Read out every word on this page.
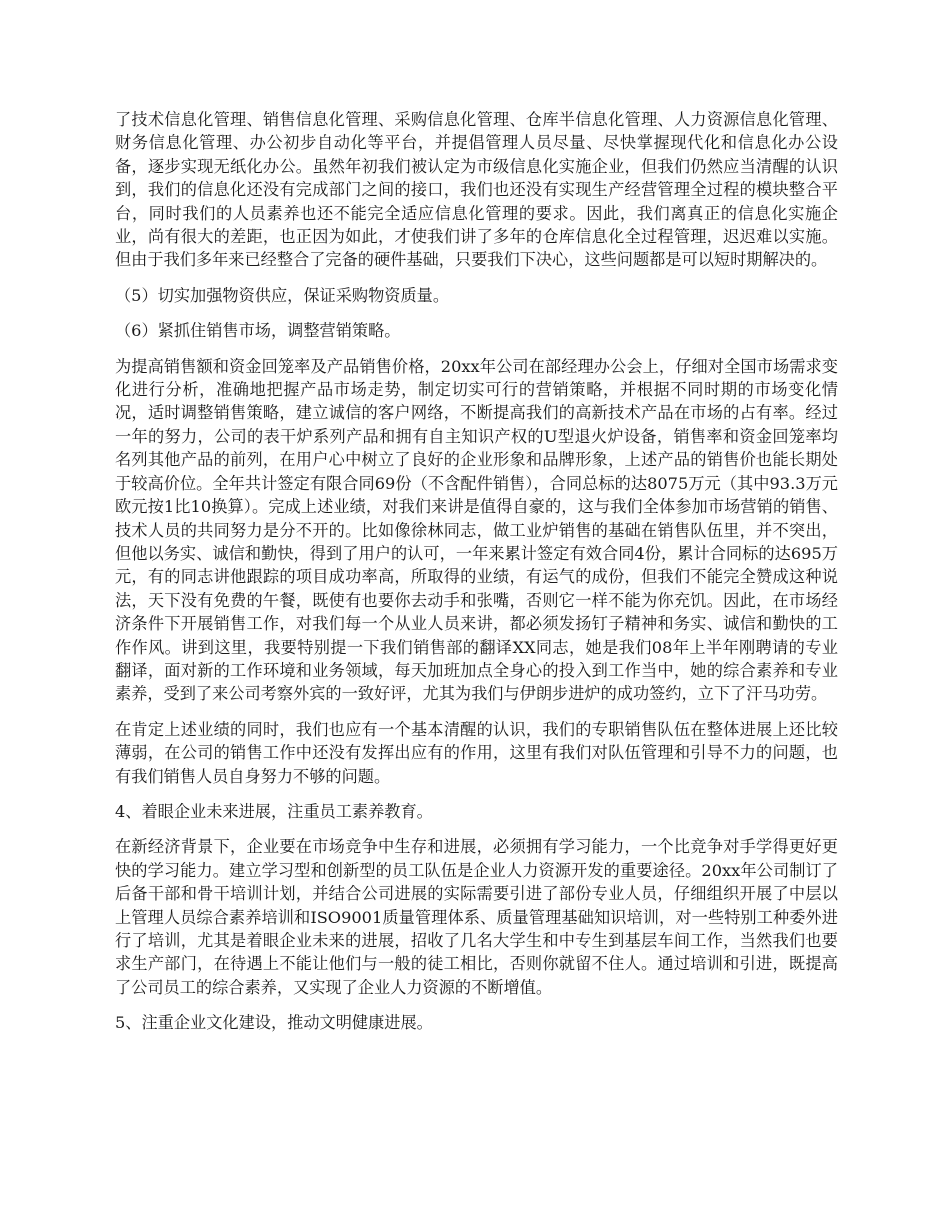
了技术信息化管理、销售信息化管理、采购信息化管理、仓库半信息化管理、人力资源信息化管理、财务信息化管理、办公初步自动化等平台，并提倡管理人员尽量、尽快掌握现代化和信息化办公设备，逐步实现无纸化办公。虽然年初我们被认定为市级信息化实施企业，但我们仍然应当清醒的认识到，我们的信息化还没有完成部门之间的接口，我们也还没有实现生产经营管理全过程的模块整合平台，同时我们的人员素养也还不能完全适应信息化管理的要求。因此，我们离真正的信息化实施企业，尚有很大的差距，也正因为如此，才使我们讲了多年的仓库信息化全过程管理，迟迟难以实施。但由于我们多年来已经整合了完备的硬件基础，只要我们下决心，这些问题都是可以短时期解决的。

（5）切实加强物资供应，保证采购物资质量。

（6）紧抓住销售市场，调整营销策略。

为提高销售额和资金回笼率及产品销售价格，20xx年公司在部经理办公会上，仔细对全国市场需求变化进行分析，准确地把握产品市场走势，制定切实可行的营销策略，并根据不同时期的市场变化情况，适时调整销售策略，建立诚信的客户网络，不断提高我们的高新技术产品在市场的占有率。经过一年的努力，公司的表干炉系列产品和拥有自主知识产权的U型退火炉设备，销售率和资金回笼率均名列其他产品的前列，在用户心中树立了良好的企业形象和品牌形象，上述产品的销售价也能长期处于较高价位。全年共计签定有限合同69份（不含配件销售），合同总标的达8075万元（其中93.3万元欧元按1比10换算）。完成上述业绩，对我们来讲是值得自豪的，这与我们全体参加市场营销的销售、技术人员的共同努力是分不开的。比如像徐林同志，做工业炉销售的基础在销售队伍里，并不突出，但他以务实、诚信和勤快，得到了用户的认可，一年来累计签定有效合同4份，累计合同标的达695万元，有的同志讲他跟踪的项目成功率高，所取得的业绩，有运气的成份，但我们不能完全赞成这种说法，天下没有免费的午餐，既使有也要你去动手和张嘴，否则它一样不能为你充饥。因此，在市场经济条件下开展销售工作，对我们每一个从业人员来讲，都必须发扬钉子精神和务实、诚信和勤快的工作作风。讲到这里，我要特别提一下我们销售部的翻译XX同志，她是我们08年上半年刚聘请的专业翻译，面对新的工作环境和业务领域，每天加班加点全身心的投入到工作当中，她的综合素养和专业素养，受到了来公司考察外宾的一致好评，尤其为我们与伊朗步进炉的成功签约，立下了汗马功劳。

在肯定上述业绩的同时，我们也应有一个基本清醒的认识，我们的专职销售队伍在整体进展上还比较薄弱，在公司的销售工作中还没有发挥出应有的作用，这里有我们对队伍管理和引导不力的问题，也有我们销售人员自身努力不够的问题。

4、着眼企业未来进展，注重员工素养教育。

在新经济背景下，企业要在市场竞争中生存和进展，必须拥有学习能力，一个比竞争对手学得更好更快的学习能力。建立学习型和创新型的员工队伍是企业人力资源开发的重要途径。20xx年公司制订了后备干部和骨干培训计划，并结合公司进展的实际需要引进了部份专业人员，仔细组织开展了中层以上管理人员综合素养培训和ISO9001质量管理体系、质量管理基础知识培训，对一些特别工种委外进行了培训，尤其是着眼企业未来的进展，招收了几名大学生和中专生到基层车间工作，当然我们也要求生产部门，在待遇上不能让他们与一般的徒工相比，否则你就留不住人。通过培训和引进，既提高了公司员工的综合素养，又实现了企业人力资源的不断增值。

5、注重企业文化建设，推动文明健康进展。
